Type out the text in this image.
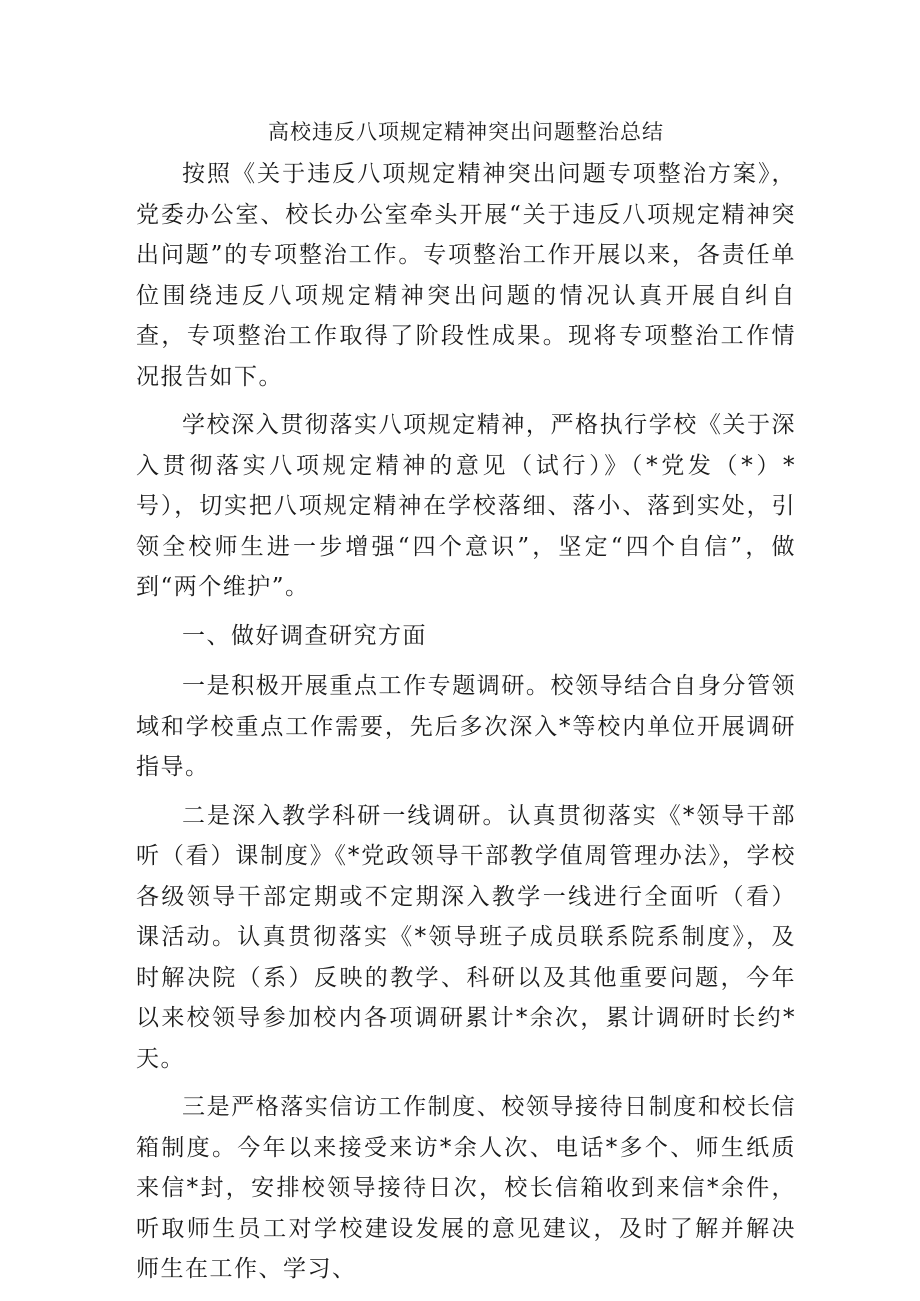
高校违反八项规定精神突出问题整治总结

按照《关于违反八项规定精神突出问题专项整治方案》，党委办公室、校长办公室牵头开展“关于违反八项规定精神突出问题”的专项整治工作。专项整治工作开展以来，各责任单位围绕违反八项规定精神突出问题的情况认真开展自纠自查，专项整治工作取得了阶段性成果。现将专项整治工作情况报告如下。

学校深入贯彻落实八项规定精神，严格执行学校《关于深入贯彻落实八项规定精神的意见（试行）》（*党发（*）*号），切实把八项规定精神在学校落细、落小、落到实处，引领全校师生进一步增强“四个意识”，坚定“四个自信”，做到“两个维护”。

一、做好调查研究方面

一是积极开展重点工作专题调研。校领导结合自身分管领域和学校重点工作需要，先后多次深入*等校内单位开展调研指导。

二是深入教学科研一线调研。认真贯彻落实《*领导干部听（看）课制度》《*党政领导干部教学值周管理办法》，学校各级领导干部定期或不定期深入教学一线进行全面听（看）课活动。认真贯彻落实《*领导班子成员联系院系制度》，及时解决院（系）反映的教学、科研以及其他重要问题，今年以来校领导参加校内各项调研累计*余次，累计调研时长约*天。

三是严格落实信访工作制度、校领导接待日制度和校长信箱制度。今年以来接受来访*余人次、电话*多个、师生纸质来信*封，安排校领导接待日次，校长信箱收到来信*余件，听取师生员工对学校建设发展的意见建议，及时了解并解决师生在工作、学习、
